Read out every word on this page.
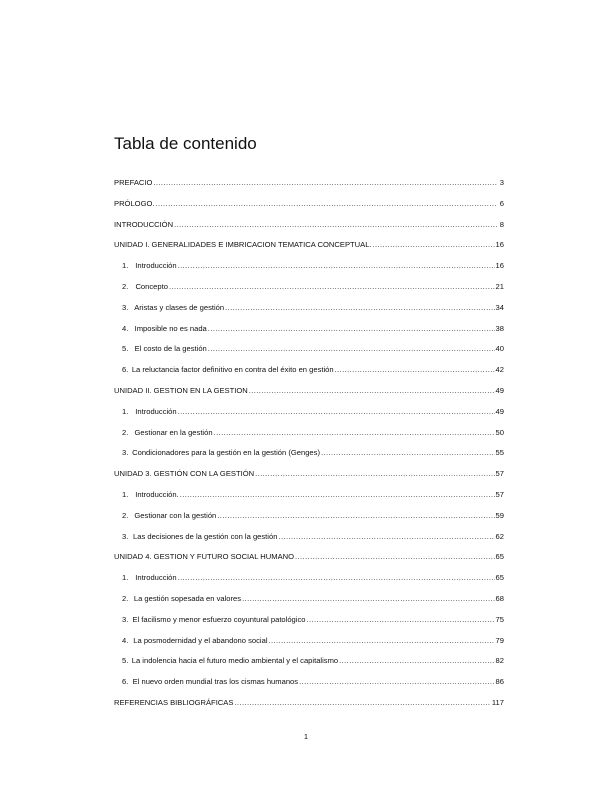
Tabla de contenido
PREFACIO .....	3
PRÓLOGO. .....	6
INTRODUCCIÓN .....	8
UNIDAD I. GENERALIDADES E IMBRICACION TEMATICA CONCEPTUAL. .....	16
1. Introducción .....	16
2. Concepto .....	21
3. Aristas y clases de gestión .....	34
4. Imposible no es nada .....	38
5. El costo de la gestión .....	40
6. La reluctancia factor definitivo en contra del éxito en gestión .....	42
UNIDAD II. GESTION EN LA GESTION .....	49
1. Introducción .....	49
2. Gestionar en la gestión .....	50
3. Condicionadores para la gestión en la gestión (Genges) .....	55
UNIDAD 3. GESTIÓN CON LA GESTIÓN .....	57
1. Introducción. .....	57
2. Gestionar con la gestión .....	59
3. Las decisiones de la gestión con la gestión .....	62
UNIDAD 4. GESTION Y FUTURO SOCIAL HUMANO .....	65
1. Introducción .....	65
2. La gestión sopesada en valores .....	68
3. El facilismo y menor esfuerzo coyuntural patológico .....	75
4. La posmodernidad y el abandono social .....	79
5. La indolencia hacia el futuro medio ambiental y el capitalismo .....	82
6. El nuevo orden mundial tras los cismas humanos .....	86
REFERENCIAS BIBLIOGRÁFICAS .....	117
1
